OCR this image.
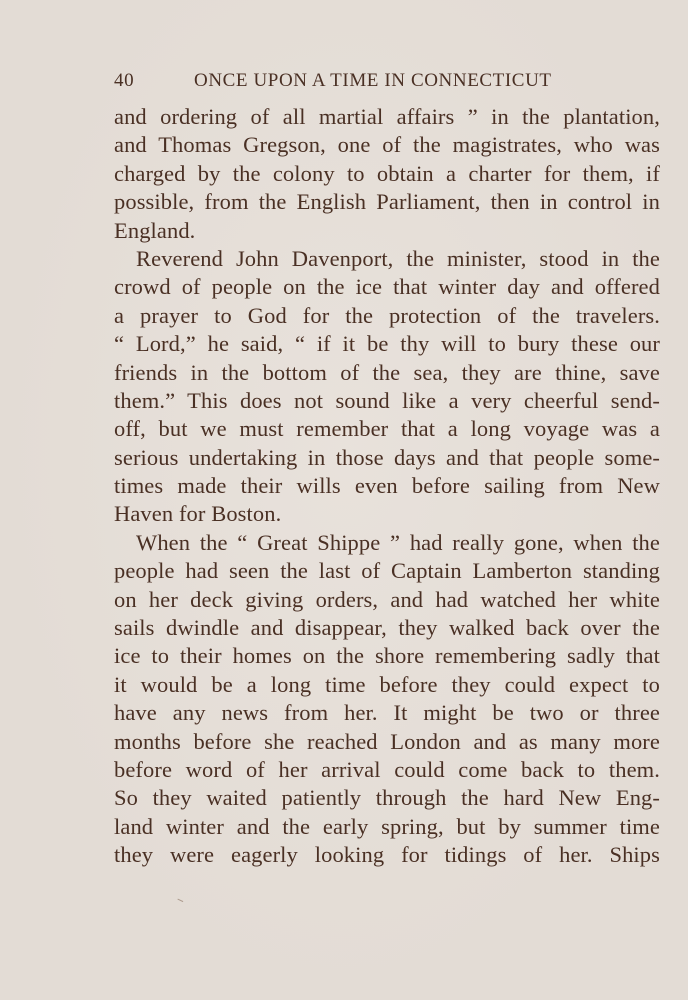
40	ONCE UPON A TIME IN CONNECTICUT
and ordering of all martial affairs ” in the plantation,
and Thomas Gregson, one of the magistrates, who was
charged by the colony to obtain a charter for them, if
possible, from the English Parliament, then in control in
England.
Reverend John Davenport, the minister, stood in the
crowd of people on the ice that winter day and offered
a prayer to God for the protection of the travelers.
“ Lord,” he said, “ if it be thy will to bury these our
friends in the bottom of the sea, they are thine, save
them.” This does not sound like a very cheerful send-
off, but we must remember that a long voyage was a
serious undertaking in those days and that people some-
times made their wills even before sailing from New
Haven for Boston.
When the “ Great Shippe ” had really gone, when the
people had seen the last of Captain Lamberton standing
on her deck giving orders, and had watched her white
sails dwindle and disappear, they walked back over the
ice to their homes on the shore remembering sadly that
it would be a long time before they could expect to
have any news from her. It might be two or three
months before she reached London and as many more
before word of her arrival could come back to them.
So they waited patiently through the hard New Eng-
land winter and the early spring, but by summer time
they were eagerly looking for tidings of her. Ships
